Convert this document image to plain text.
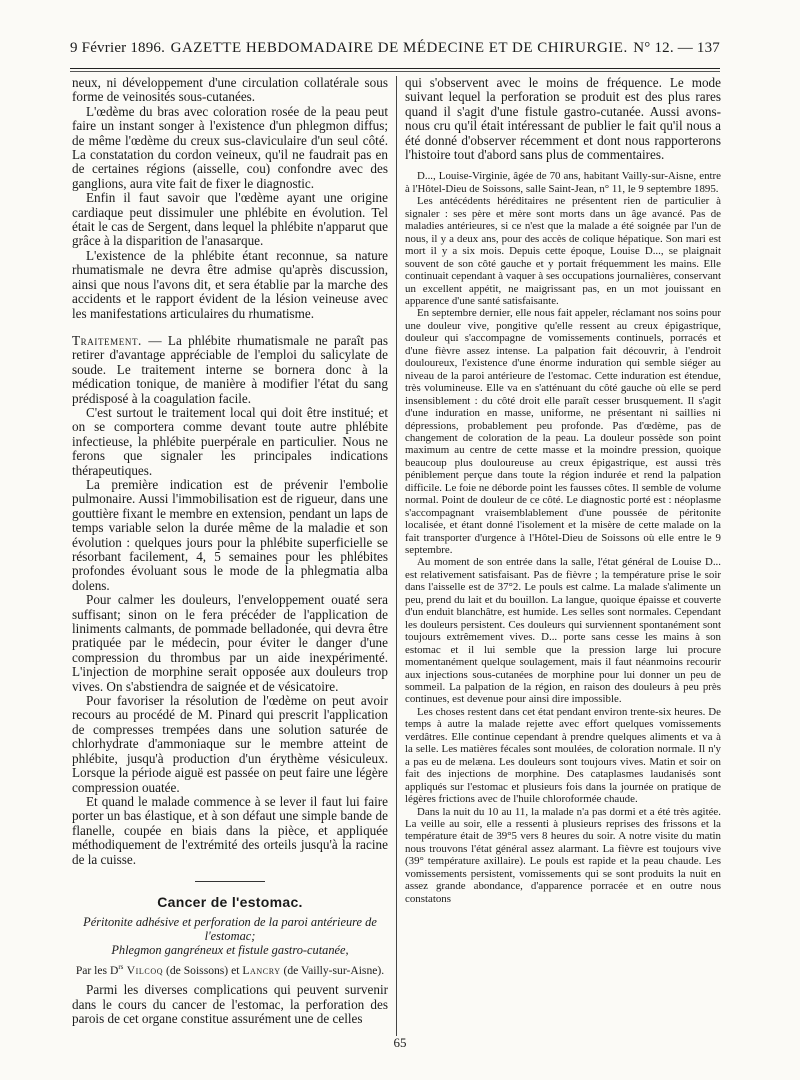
9 Février 1896. GAZETTE HEBDOMADAIRE DE MÉDECINE ET DE CHIRURGIE. N° 12. — 137

neux, ni développement d'une circulation collatérale sous forme de veinosités sous-cutanées.

L'œdème du bras avec coloration rosée de la peau peut faire un instant songer à l'existence d'un phlegmon diffus; de même l'œdème du creux sus-claviculaire d'un seul côté. La constatation du cordon veineux, qu'il ne faudrait pas en de certaines régions (aisselle, cou) confondre avec des ganglions, aura vite fait de fixer le diagnostic.

Enfin il faut savoir que l'œdème ayant une origine cardiaque peut dissimuler une phlébite en évolution. Tel était le cas de Sergent, dans lequel la phlébite n'apparut que grâce à la disparition de l'anasarque.

L'existence de la phlébite étant reconnue, sa nature rhumatismale ne devra être admise qu'après discussion, ainsi que nous l'avons dit, et sera établie par la marche des accidents et le rapport évident de la lésion veineuse avec les manifestations articulaires du rhumatisme.

Traitement. — La phlébite rhumatismale ne paraît pas retirer d'avantage appréciable de l'emploi du salicylate de soude. Le traitement interne se bornera donc à la médication tonique, de manière à modifier l'état du sang prédisposé à la coagulation facile.

C'est surtout le traitement local qui doit être institué; et on se comportera comme devant toute autre phlébite infectieuse, la phlébite puerpérale en particulier. Nous ne ferons que signaler les principales indications thérapeutiques.

La première indication est de prévenir l'embolie pulmonaire. Aussi l'immobilisation est de rigueur, dans une gouttière fixant le membre en extension, pendant un laps de temps variable selon la durée même de la maladie et son évolution : quelques jours pour la phlébite superficielle se résorbant facilement, 4, 5 semaines pour les phlébites profondes évoluant sous le mode de la phlegmatia alba dolens.

Pour calmer les douleurs, l'enveloppement ouaté sera suffisant; sinon on le fera précéder de l'application de liniments calmants, de pommade belladonée, qui devra être pratiquée par le médecin, pour éviter le danger d'une compression du thrombus par un aide inexpérimenté. L'injection de morphine serait opposée aux douleurs trop vives. On s'abstiendra de saignée et de vésicatoire.

Pour favoriser la résolution de l'œdème on peut avoir recours au procédé de M. Pinard qui prescrit l'application de compresses trempées dans une solution saturée de chlorhydrate d'ammoniaque sur le membre atteint de phlébite, jusqu'à production d'un érythème vésiculeux. Lorsque la période aiguë est passée on peut faire une légère compression ouatée.

Et quand le malade commence à se lever il faut lui faire porter un bas élastique, et à son défaut une simple bande de flanelle, coupée en biais dans la pièce, et appliquée méthodiquement de l'extrémité des orteils jusqu'à la racine de la cuisse.

Cancer de l'estomac.
Péritonite adhésive et perforation de la paroi antérieure de l'estomac;
Phlegmon gangréneux et fistule gastro-cutanée,
Par les $D^{rs}$ Vilcoq (de Soissons) et Lancry (de Vailly-sur-Aisne).

Parmi les diverses complications qui peuvent survenir dans le cours du cancer de l'estomac, la perforation des parois de cet organe constitue assurément une de celles

qui s'observent avec le moins de fréquence. Le mode suivant lequel la perforation se produit est des plus rares quand il s'agit d'une fistule gastro-cutanée. Aussi avons-nous cru qu'il était intéressant de publier le fait qu'il nous a été donné d'observer récemment et dont nous rapporterons l'histoire tout d'abord sans plus de commentaires.

D..., Louise-Virginie, âgée de 70 ans, habitant Vailly-sur-Aisne, entre à l'Hôtel-Dieu de Soissons, salle Saint-Jean, n° 11, le 9 septembre 1895.

Les antécédents héréditaires ne présentent rien de particulier à signaler : ses père et mère sont morts dans un âge avancé. Pas de maladies antérieures, si ce n'est que la malade a été soignée par l'un de nous, il y a deux ans, pour des accès de colique hépatique. Son mari est mort il y a six mois. Depuis cette époque, Louise D..., se plaignait souvent de son côté gauche et y portait fréquemment les mains. Elle continuait cependant à vaquer à ses occupations journalières, conservant un excellent appétit, ne maigrissant pas, en un mot jouissant en apparence d'une santé satisfaisante.

En septembre dernier, elle nous fait appeler, réclamant nos soins pour une douleur vive, pongitive qu'elle ressent au creux épigastrique, douleur qui s'accompagne de vomissements continuels, porracés et d'une fièvre assez intense. La palpation fait découvrir, à l'endroit douloureux, l'existence d'une énorme induration qui semble siéger au niveau de la paroi antérieure de l'estomac. Cette induration est étendue, très volumineuse. Elle va en s'atténuant du côté gauche où elle se perd insensiblement : du côté droit elle paraît cesser brusquement. Il s'agit d'une induration en masse, uniforme, ne présentant ni saillies ni dépressions, probablement peu profonde. Pas d'œdème, pas de changement de coloration de la peau. La douleur possède son point maximum au centre de cette masse et la moindre pression, quoique beaucoup plus douloureuse au creux épigastrique, est aussi très péniblement perçue dans toute la région indurée et rend la palpation difficile. Le foie ne déborde point les fausses côtes. Il semble de volume normal. Point de douleur de ce côté. Le diagnostic porté est : néoplasme s'accompagnant vraisemblablement d'une poussée de péritonite localisée, et étant donné l'isolement et la misère de cette malade on la fait transporter d'urgence à l'Hôtel-Dieu de Soissons où elle entre le 9 septembre.

Au moment de son entrée dans la salle, l'état général de Louise D... est relativement satisfaisant. Pas de fièvre ; la température prise le soir dans l'aisselle est de 37°2. Le pouls est calme. La malade s'alimente un peu, prend du lait et du bouillon. La langue, quoique épaisse et couverte d'un enduit blanchâtre, est humide. Les selles sont normales. Cependant les douleurs persistent. Ces douleurs qui surviennent spontanément sont toujours extrêmement vives. D... porte sans cesse les mains à son estomac et il lui semble que la pression large lui procure momentanément quelque soulagement, mais il faut néanmoins recourir aux injections sous-cutanées de morphine pour lui donner un peu de sommeil. La palpation de la région, en raison des douleurs à peu près continues, est devenue pour ainsi dire impossible.

Les choses restent dans cet état pendant environ trente-six heures. De temps à autre la malade rejette avec effort quelques vomissements verdâtres. Elle continue cependant à prendre quelques aliments et va à la selle. Les matières fécales sont moulées, de coloration normale. Il n'y a pas eu de melæna. Les douleurs sont toujours vives. Matin et soir on fait des injections de morphine. Des cataplasmes laudanisés sont appliqués sur l'estomac et plusieurs fois dans la journée on pratique de légères frictions avec de l'huile chloroformée chaude.

Dans la nuit du 10 au 11, la malade n'a pas dormi et a été très agitée. La veille au soir, elle a ressenti à plusieurs reprises des frissons et la température était de 39°5 vers 8 heures du soir. A notre visite du matin nous trouvons l'état général assez alarmant. La fièvre est toujours vive (39° température axillaire). Le pouls est rapide et la peau chaude. Les vomissements persistent, vomissements qui se sont produits la nuit en assez grande abondance, d'apparence porracée et en outre nous constatons

65
